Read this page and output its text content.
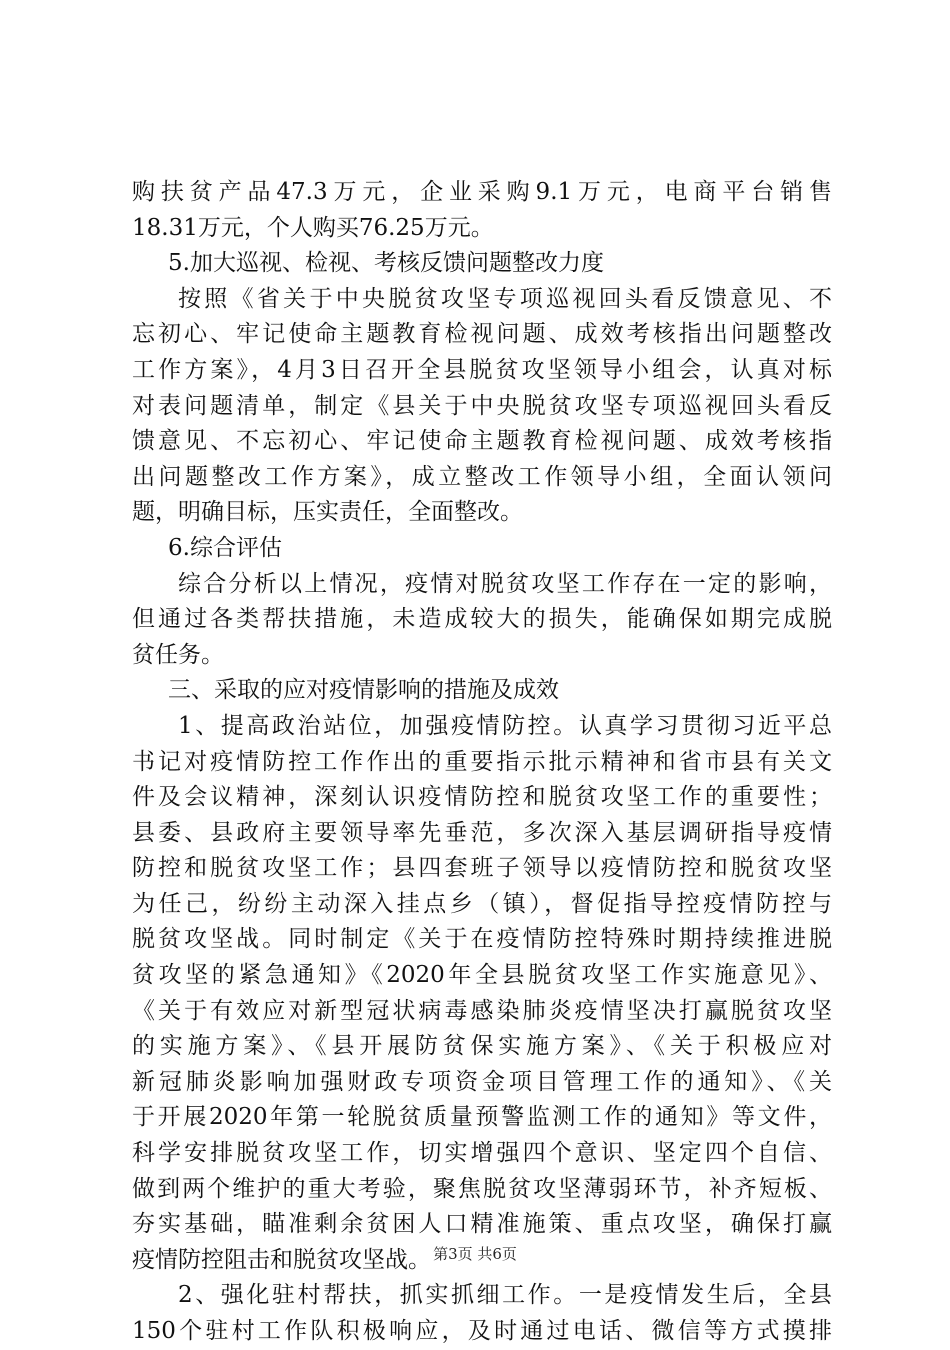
购扶贫产品47.3万元，企业采购9.1万元，电商平台销售
18.31万元，个人购买76.25万元。
5.加大巡视、检视、考核反馈问题整改力度
按照《省关于中央脱贫攻坚专项巡视回头看反馈意见、不
忘初心、牢记使命主题教育检视问题、成效考核指出问题整改
工作方案》，4月3日召开全县脱贫攻坚领导小组会，认真对标
对表问题清单，制定《县关于中央脱贫攻坚专项巡视回头看反
馈意见、不忘初心、牢记使命主题教育检视问题、成效考核指
出问题整改工作方案》，成立整改工作领导小组，全面认领问
题，明确目标，压实责任，全面整改。
6.综合评估
综合分析以上情况，疫情对脱贫攻坚工作存在一定的影响，
但通过各类帮扶措施，未造成较大的损失，能确保如期完成脱
贫任务。
三、采取的应对疫情影响的措施及成效
1、提高政治站位，加强疫情防控。认真学习贯彻习近平总
书记对疫情防控工作作出的重要指示批示精神和省市县有关文
件及会议精神，深刻认识疫情防控和脱贫攻坚工作的重要性；
县委、县政府主要领导率先垂范，多次深入基层调研指导疫情
防控和脱贫攻坚工作；县四套班子领导以疫情防控和脱贫攻坚
为任己，纷纷主动深入挂点乡（镇），督促指导控疫情防控与
脱贫攻坚战。同时制定《关于在疫情防控特殊时期持续推进脱
贫攻坚的紧急通知》《2020年全县脱贫攻坚工作实施意见》、
《关于有效应对新型冠状病毒感染肺炎疫情坚决打赢脱贫攻坚
的实施方案》、《县开展防贫保实施方案》、《关于积极应对
新冠肺炎影响加强财政专项资金项目管理工作的通知》、《关
于开展2020年第一轮脱贫质量预警监测工作的通知》等文件，
科学安排脱贫攻坚工作，切实增强四个意识、坚定四个自信、
做到两个维护的重大考验，聚焦脱贫攻坚薄弱环节，补齐短板、
夯实基础，瞄准剩余贫困人口精准施策、重点攻坚，确保打赢
疫情防控阻击和脱贫攻坚战。
2、强化驻村帮扶，抓实抓细工作。一是疫情发生后，全县
150个驻村工作队积极响应，及时通过电话、微信等方式摸排
第3页 共6页
